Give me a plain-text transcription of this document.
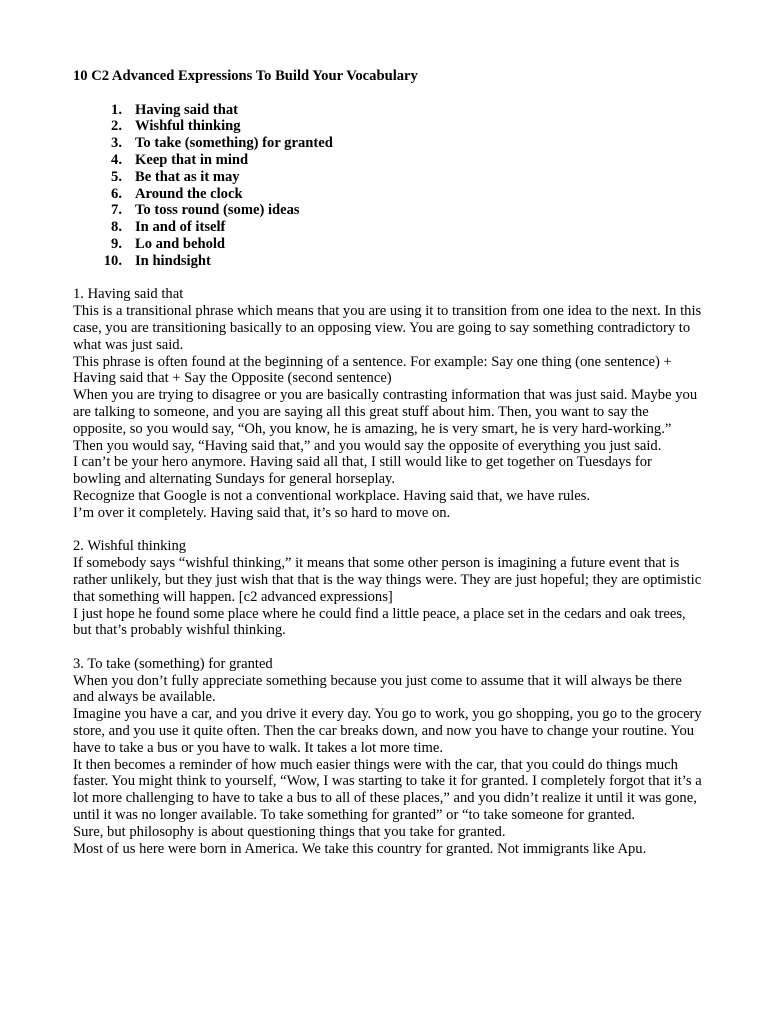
10 C2 Advanced Expressions To Build Your Vocabulary
1. Having said that
2. Wishful thinking
3. To take (something) for granted
4. Keep that in mind
5. Be that as it may
6. Around the clock
7. To toss round (some) ideas
8. In and of itself
9. Lo and behold
10. In hindsight

1. Having said that

This is a transitional phrase which means that you are using it to transition from one idea to the next. In this case, you are transitioning basically to an opposing view. You are going to say something contradictory to what was just said.

This phrase is often found at the beginning of a sentence. For example: Say one thing (one sentence) + Having said that + Say the Opposite (second sentence)

When you are trying to disagree or you are basically contrasting information that was just said. Maybe you are talking to someone, and you are saying all this great stuff about him. Then, you want to say the opposite, so you would say, “Oh, you know, he is amazing, he is very smart, he is very hard-working.” Then you would say, “Having said that,” and you would say the opposite of everything you just said.

I can’t be your hero anymore. Having said all that, I still would like to get together on Tuesdays for bowling and alternating Sundays for general horseplay.

Recognize that Google is not a conventional workplace. Having said that, we have rules.

I’m over it completely. Having said that, it’s so hard to move on.

2. Wishful thinking

If somebody says “wishful thinking,” it means that some other person is imagining a future event that is rather unlikely, but they just wish that that is the way things were. They are just hopeful; they are optimistic that something will happen. [c2 advanced expressions]

I just hope he found some place where he could find a little peace, a place set in the cedars and oak trees, but that’s probably wishful thinking.

3. To take (something) for granted

When you don’t fully appreciate something because you just come to assume that it will always be there and always be available.

Imagine you have a car, and you drive it every day. You go to work, you go shopping, you go to the grocery store, and you use it quite often. Then the car breaks down, and now you have to change your routine. You have to take a bus or you have to walk. It takes a lot more time.

It then becomes a reminder of how much easier things were with the car, that you could do things much faster. You might think to yourself, “Wow, I was starting to take it for granted. I completely forgot that it’s a lot more challenging to have to take a bus to all of these places,” and you didn’t realize it until it was gone, until it was no longer available. To take something for granted” or “to take someone for granted.

Sure, but philosophy is about questioning things that you take for granted.

Most of us here were born in America. We take this country for granted. Not immigrants like Apu.
